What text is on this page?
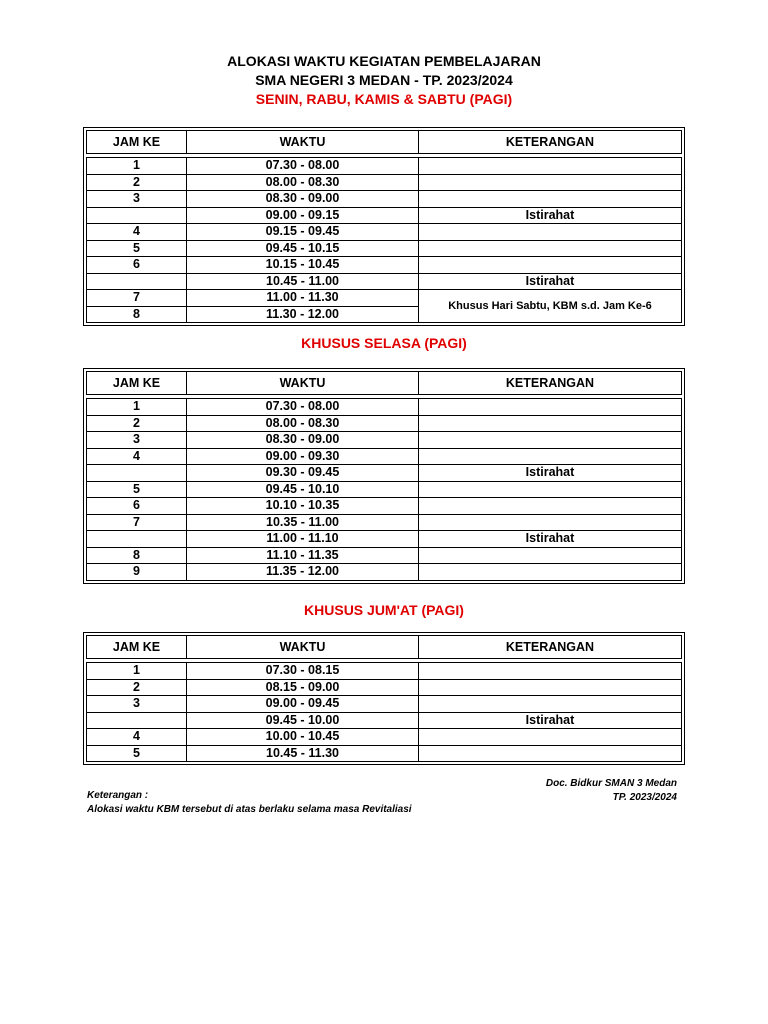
ALOKASI WAKTU KEGIATAN PEMBELAJARAN
SMA NEGERI 3 MEDAN - TP. 2023/2024
SENIN, RABU, KAMIS & SABTU (PAGI)
JAM KE	WAKTU	KETERANGAN

1	07.30 - 08.00	
2	08.00 - 08.30	
3	08.30 - 09.00	
	09.00 - 09.15	Istirahat
4	09.15 - 09.45	
5	09.45 - 10.15	
6	10.15 - 10.45	
	10.45 - 11.00	Istirahat
7	11.00 - 11.30	Khusus Hari Sabtu, KBM s.d. Jam Ke-6
8	11.30 - 12.00	
KHUSUS SELASA (PAGI)
JAM KE	WAKTU	KETERANGAN

1	07.30 - 08.00	
2	08.00 - 08.30	
3	08.30 - 09.00	
4	09.00 - 09.30	
	09.30 - 09.45	Istirahat
5	09.45 - 10.10	
6	10.10 - 10.35	
7	10.35 - 11.00	
	11.00 - 11.10	Istirahat
8	11.10 - 11.35	
9	11.35 - 12.00	
KHUSUS JUM'AT (PAGI)
JAM KE	WAKTU	KETERANGAN

1	07.30 - 08.15	
2	08.15 - 09.00	
3	09.00 - 09.45	
	09.45 - 10.00	Istirahat
4	10.00 - 10.45	
5	10.45 - 11.30	
Doc. Bidkur SMAN 3 Medan
TP. 2023/2024
Keterangan :
Alokasi waktu KBM tersebut di atas berlaku selama masa Revitaliasi
